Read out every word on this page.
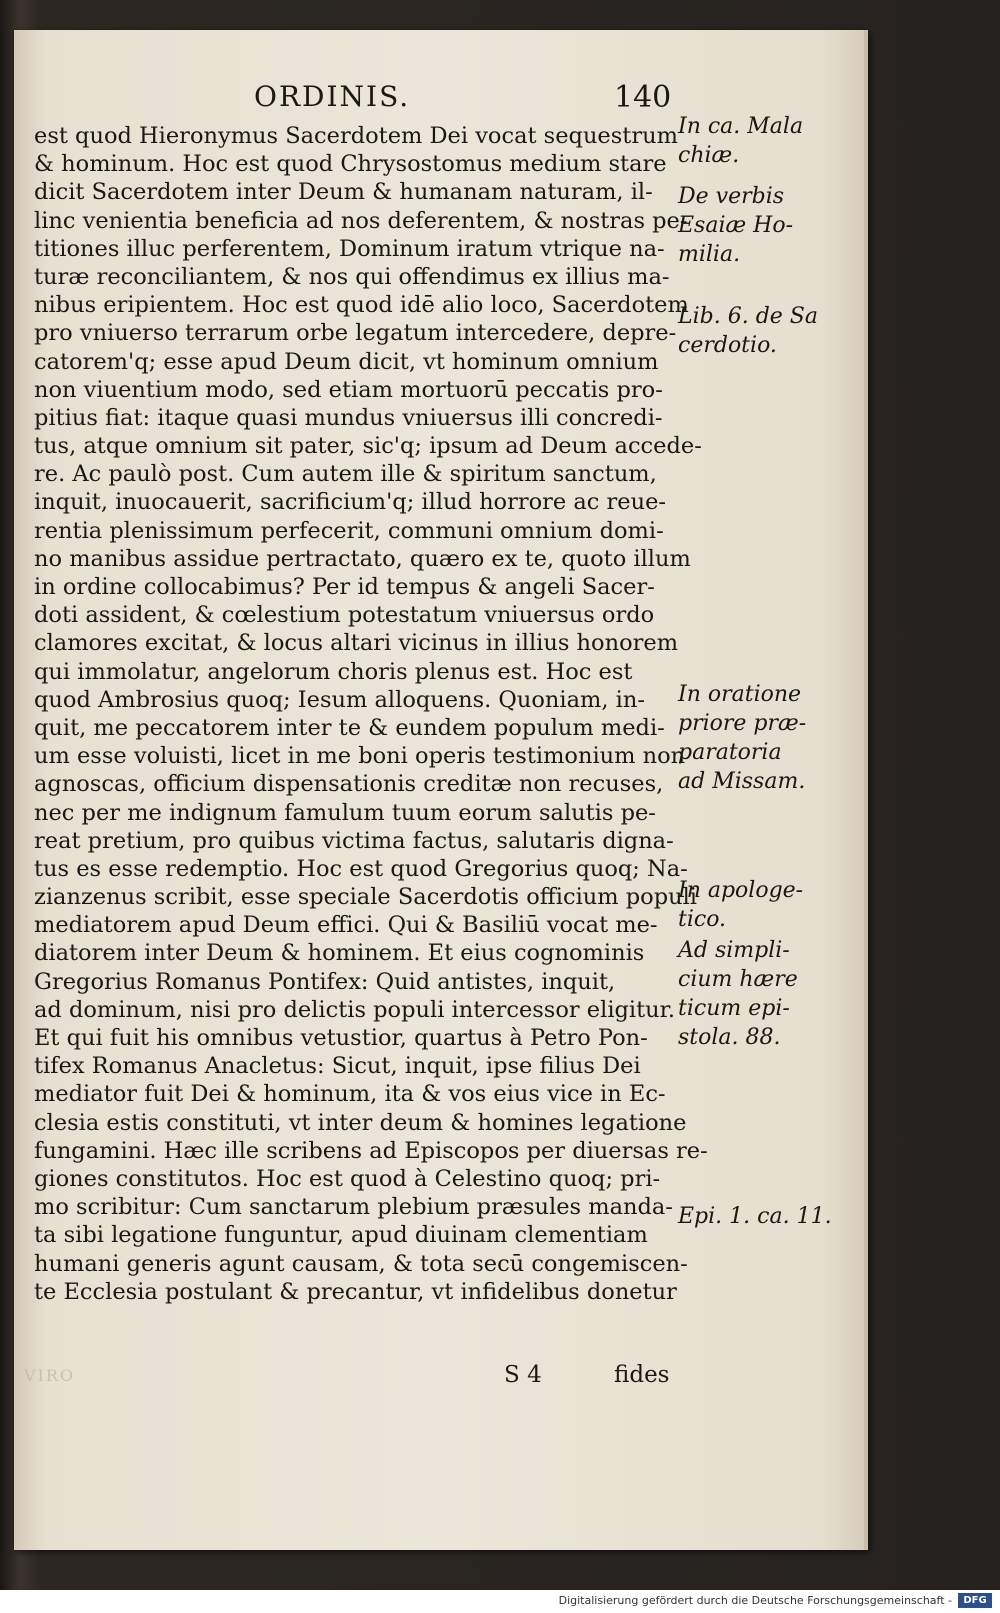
ORDINIS.	140
est quod Hieronymus Sacerdotem Dei vocat sequestrum
& hominum. Hoc est quod Chrysostomus medium stare
dicit Sacerdotem inter Deum & humanam naturam, il-
linc venientia beneficia ad nos deferentem, & nostras pe-
titiones illuc perferentem, Dominum iratum vtrique na-
turæ reconciliantem, & nos qui offendimus ex illius ma-
nibus eripientem. Hoc est quod idē alio loco, Sacerdotem
pro vniuerso terrarum orbe legatum intercedere, depre-
catorem'q; esse apud Deum dicit, vt hominum omnium
non viuentium modo, sed etiam mortuorū peccatis pro-
pitius fiat: itaque quasi mundus vniuersus illi concredi-
tus, atque omnium sit pater, sic'q; ipsum ad Deum accede-
re. Ac paulò post. Cum autem ille & spiritum sanctum,
inquit, inuocauerit, sacrificium'q; illud horrore ac reue-
rentia plenissimum perfecerit, communi omnium domi-
no manibus assidue pertractato, quæro ex te, quoto illum
in ordine collocabimus? Per id tempus & angeli Sacer-
doti assident, & cœlestium potestatum vniuersus ordo
clamores excitat, & locus altari vicinus in illius honorem
qui immolatur, angelorum choris plenus est. Hoc est
quod Ambrosius quoq; Iesum alloquens. Quoniam, in-
quit, me peccatorem inter te & eundem populum medi-
um esse voluisti, licet in me boni operis testimonium non
agnoscas, officium dispensationis creditæ non recuses,
nec per me indignum famulum tuum eorum salutis pe-
reat pretium, pro quibus victima factus, salutaris digna-
tus es esse redemptio. Hoc est quod Gregorius quoq; Na-
zianzenus scribit, esse speciale Sacerdotis officium populi
mediatorem apud Deum effici. Qui & Basiliū vocat me-
diatorem inter Deum & hominem. Et eius cognominis
Gregorius Romanus Pontifex: Quid antistes, inquit,
ad dominum, nisi pro delictis populi intercessor eligitur.
Et qui fuit his omnibus vetustior, quartus à Petro Pon-
tifex Romanus Anacletus: Sicut, inquit, ipse filius Dei
mediator fuit Dei & hominum, ita & vos eius vice in Ec-
clesia estis constituti, vt inter deum & homines legatione
fungamini. Hæc ille scribens ad Episcopos per diuersas re-
giones constitutos. Hoc est quod à Celestino quoq; pri-
mo scribitur: Cum sanctarum plebium præsules manda-
ta sibi legatione funguntur, apud diuinam clementiam
humani generis agunt causam, & tota secū congemiscen-
te Ecclesia postulant & precantur, vt infidelibus donetur
In ca. Mala
chiæ.
De verbis
Esaiæ Ho-
milia.
Lib. 6. de Sa
cerdotio.
In oratione
priore præ-
paratoria
ad Missam.
In apologe-
tico.
Ad simpli-
cium hære
ticum epi-
stola. 88.
Epi. 1. ca. 11.
VIRO	S 4	fides
Digitalisierung gefördert durch die Deutsche Forschungsgemeinschaft -	DFG
